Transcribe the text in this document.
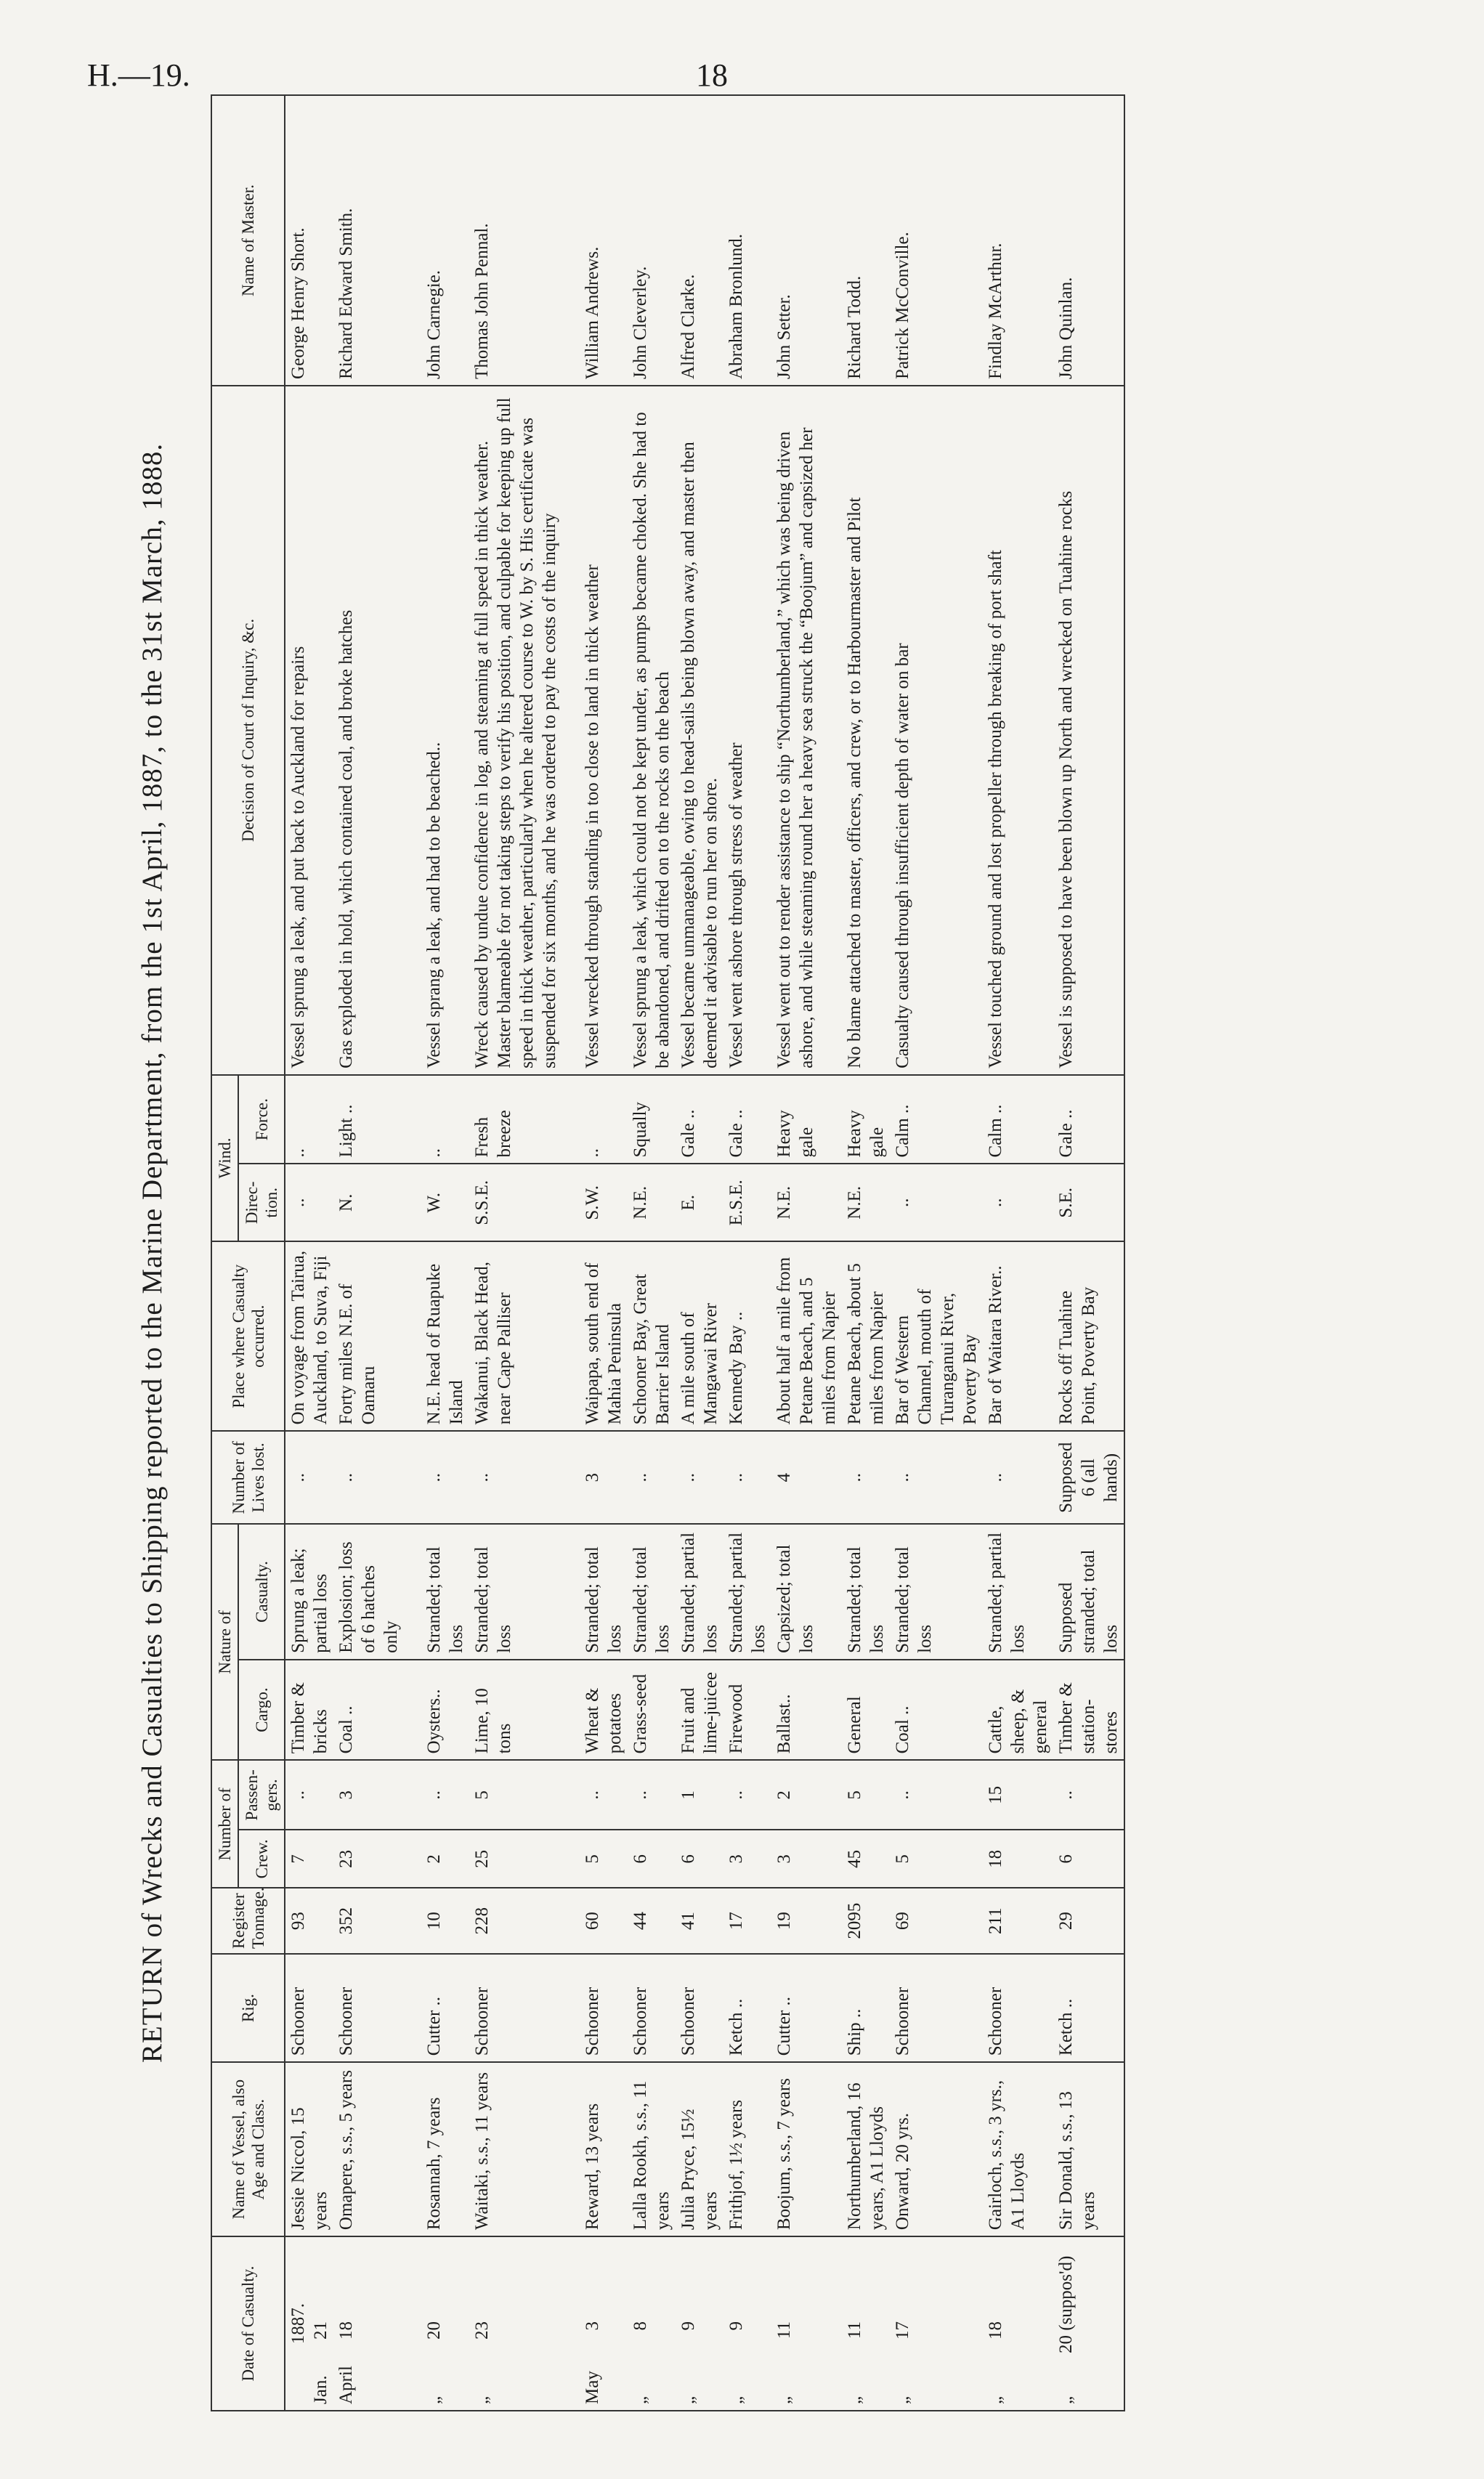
H.—19.	18
RETURN of Wrecks and Casualties to Shipping reported to the Marine Department, from the 1st April, 1887, to the 31st March, 1888.
Date of Casualty.	Name of Vessel, also Age and Class.	Rig.	Register Tonnage.	Number of		Nature of		Number of Lives lost.	Place where Casualty occurred.	Wind.		Decision of Court of Inquiry, &c.	Name of Master.
				Crew.	Passen-gers.	Cargo.	Casualty.			Direc-tion.	Force.		

1887.
Jan.21	Jessie Niccol, 15 years	Schooner	93	7	..	Timber & bricks	Sprung a leak; partial loss	..	On voyage from Tairua, Auckland, to Suva, Fiji	..	..	Vessel sprung a leak, and put back to Auckland for repairs	George Henry Short.
April18	Omapere, s.s., 5 years	Schooner	352	23	3	Coal ..	Explosion; loss of 6 hatches only	..	Forty miles N.E. of Oamaru	N.	Light ..	Gas exploded in hold, which contained coal, and broke hatches	Richard Edward Smith.
„20	Rosannah, 7 years	Cutter ..	10	2	..	Oysters..	Stranded; total loss	..	N.E. head of Ruapuke Island	W.	..	Vessel sprang a leak, and had to be beached..	John Carnegie.
„23	Waitaki, s.s., 11 years	Schooner	228	25	5	Lime, 10 tons	Stranded; total loss	..	Wakanui, Black Head, near Cape Palliser	S.S.E.	Fresh breeze	Wreck caused by undue confidence in log, and steaming at full speed in thick weather. Master blameable for not taking steps to verify his position, and culpable for keeping up full speed in thick weather, particularly when he altered course to W. by S. His certificate was suspended for six months, and he was ordered to pay the costs of the inquiry	Thomas John Pennal.
May3	Reward, 13 years	Schooner	60	5	..	Wheat & potatoes	Stranded; total loss	3	Waipapa, south end of Mahia Peninsula	S.W.	..	Vessel wrecked through standing in too close to land in thick weather	William Andrews.
„8	Lalla Rookh, s.s., 11 years	Schooner	44	6	..	Grass-seed	Stranded; total loss	..	Schooner Bay, Great Barrier Island	N.E.	Squally	Vessel sprung a leak, which could not be kept under, as pumps became choked. She had to be abandoned, and drifted on to the rocks on the beach	John Cleverley.
„9	Julia Pryce, 15½ years	Schooner	41	6	1	Fruit and lime-juicee	Stranded; partial loss	..	A mile south of Mangawai River	E.	Gale ..	Vessel became unmanageable, owing to head-sails being blown away, and master then deemed it advisable to run her on shore.	Alfred Clarke.
„9	Frithjof, 1½ years	Ketch ..	17	3	..	Firewood	Stranded; partial loss	..	Kennedy Bay ..	E.S.E.	Gale ..	Vessel went ashore through stress of weather	Abraham Bronlund.
„11	Boojum, s.s., 7 years	Cutter ..	19	3	2	Ballast..	Capsized; total loss	4	About half a mile from Petane Beach, and 5 miles from Napier	N.E.	Heavy gale	Vessel went out to render assistance to ship “Northumberland,” which was being driven ashore, and while steaming round her a heavy sea struck the “Boojum” and capsized her	John Setter.
„11	Northumberland, 16 years, A1 Lloyds	Ship ..	2095	45	5	General	Stranded; total loss	..	Petane Beach, about 5 miles from Napier	N.E.	Heavy gale	No blame attached to master, officers, and crew, or to Harbourmaster and Pilot	Richard Todd.
„17	Onward, 20 yrs.	Schooner	69	5	..	Coal ..	Stranded; total loss	..	Bar of Western Channel, mouth of Turanganui River, Poverty Bay	..	Calm ..	Casualty caused through insufficient depth of water on bar	Patrick McConville.
„18	Gairloch, s.s., 3 yrs., A1 Lloyds	Schooner	211	18	15	Cattle, sheep, & general	Stranded; partial loss	..	Bar of Waitara River..	..	Calm ..	Vessel touched ground and lost propeller through breaking of port shaft	Findlay McArthur.
„20 (suppos'd)	Sir Donald, s.s., 13 years	Ketch ..	29	6	..	Timber & station-stores	Supposed stranded; total loss	Supposed 6 (all hands)	Rocks off Tuahine Point, Poverty Bay	S.E.	Gale ..	Vessel is supposed to have been blown up North and wrecked on Tuahine rocks	John Quinlan.
